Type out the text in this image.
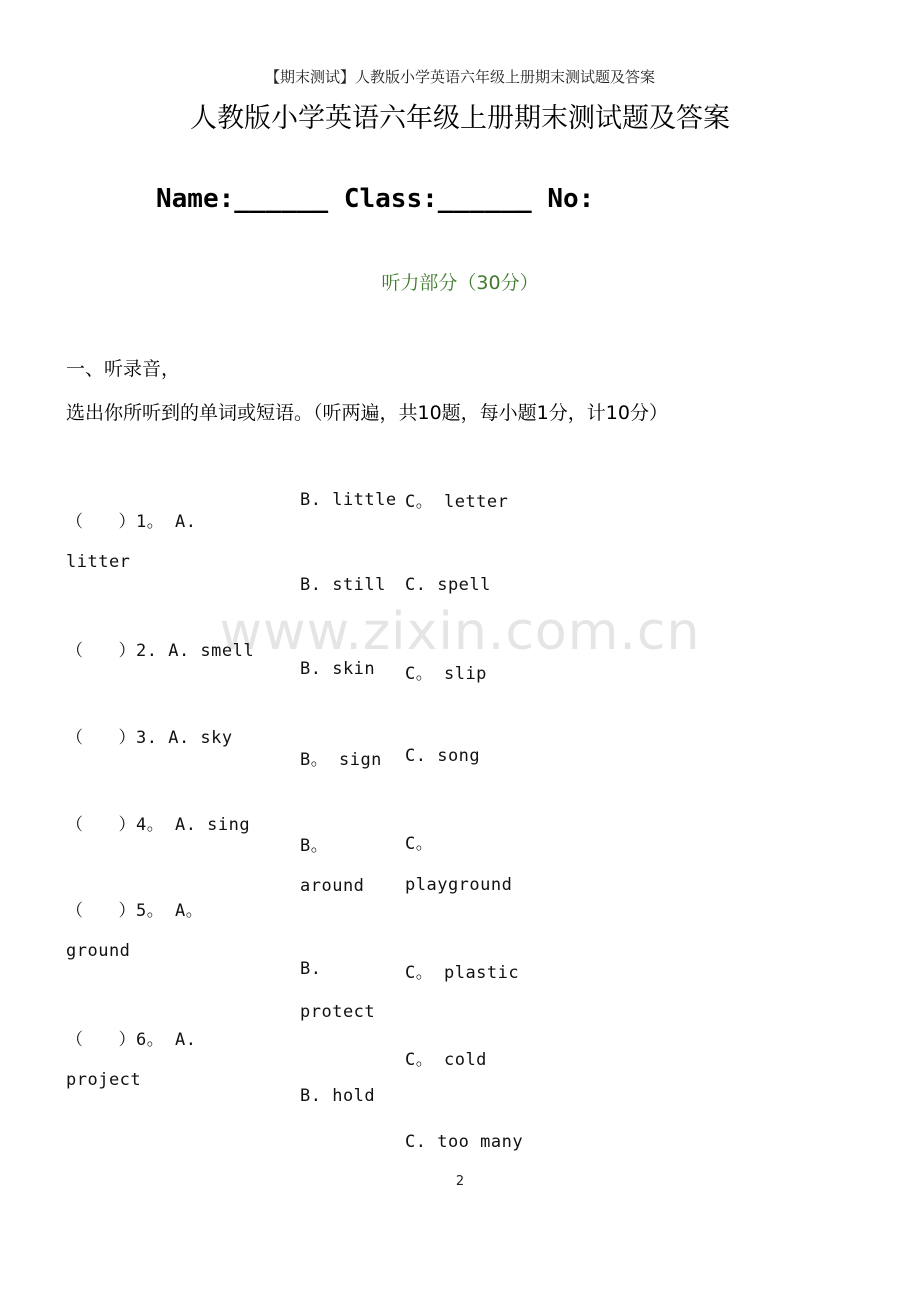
【期末测试】人教版小学英语六年级上册期末测试题及答案
人教版小学英语六年级上册期末测试题及答案
Name:______ Class:______ No:
听力部分（30分）
一、听录音，
选出你所听到的单词或短语。（听两遍，共10题，每小题1分，计10分）
www.zixin.com.cn
B. little C。 letter
（　　）1。 A.
litter
B. still C. spell
（　　）2. A. smell
B. skin C。 slip
（　　）3. A. sky
B。 sign C. song
（　　）4。 A. sing
B。	C。
around playground
（　　）5。 A。
ground
B.	C。 plastic
protect
（　　）6。 A.
project
C。 cold
B. hold
C. too many
2
